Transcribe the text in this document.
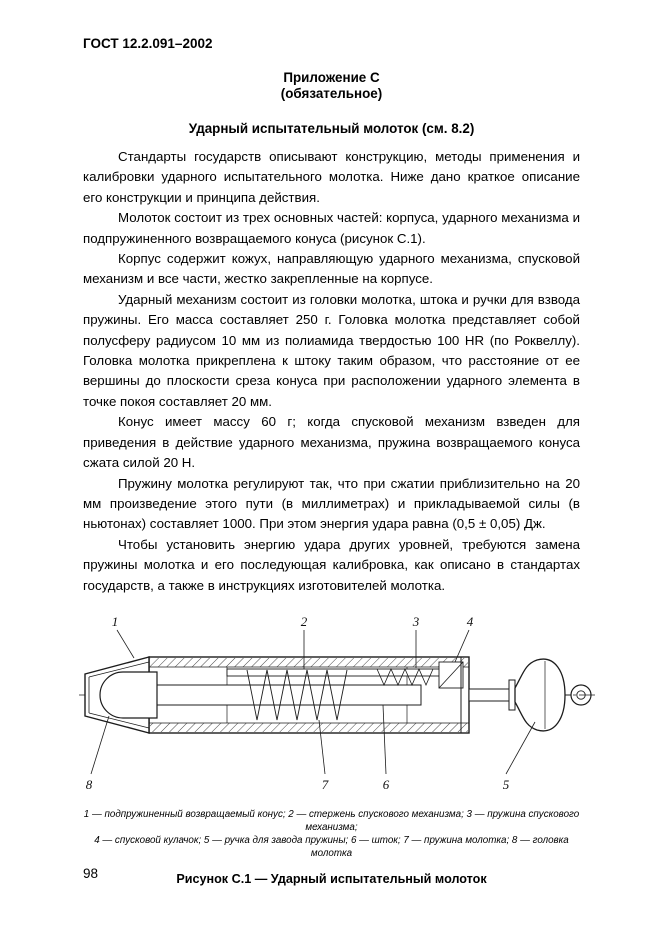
ГОСТ 12.2.091–2002
Приложение С
(обязательное)
Ударный испытательный молоток (см. 8.2)

Стандарты государств описывают конструкцию, методы применения и калибровки ударного испытательного молотка. Ниже дано краткое описание его конструкции и принципа действия.

Молоток состоит из трех основных частей: корпуса, ударного механизма и подпружиненного возвращаемого конуса (рисунок С.1).

Корпус содержит кожух, направляющую ударного механизма, спусковой механизм и все части, жестко закрепленные на корпусе.

Ударный механизм состоит из головки молотка, штока и ручки для взвода пружины. Его масса составляет 250 г. Головка молотка представляет собой полусферу радиусом 10 мм из полиамида твердостью 100 HR (по Роквеллу). Головка молотка прикреплена к штоку таким образом, что расстояние от ее вершины до плоскости среза конуса при расположении ударного элемента в точке покоя составляет 20 мм.

Конус имеет массу 60 г; когда спусковой механизм взведен для приведения в действие ударного механизма, пружина возвращаемого конуса сжата силой 20 Н.

Пружину молотка регулируют так, что при сжатии приблизительно на 20 мм произведение этого пути (в миллиметрах) и прикладываемой силы (в ньютонах) составляет 1000. При этом энергия удара равна (0,5 ± 0,05) Дж.

Чтобы установить энергию удара других уровней, требуются замена пружины молотка и его последующая калибровка, как описано в стандартах государств, а также в инструкциях изготовителей молотка.

1	2	3	4
8	7	6	5
1 — подпружиненный возвращаемый конус; 2 — стержень спускового механизма; 3 — пружина спускового механизма;
4 — спусковой кулачок; 5 — ручка для завода пружины; 6 — шток; 7 — пружина молотка; 8 — головка молотка
Рисунок С.1 — Ударный испытательный молоток
98
